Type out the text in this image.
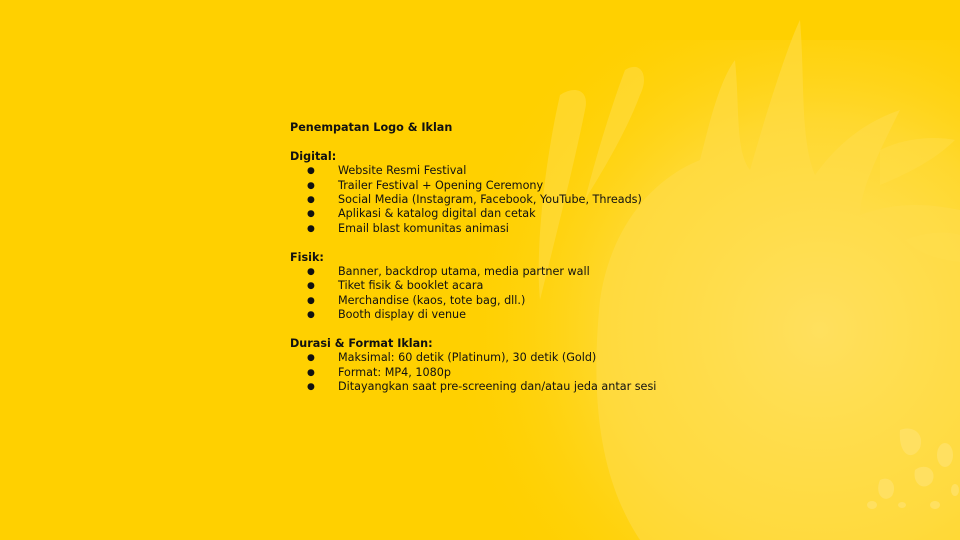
Penempatan Logo & Iklan

Digital:

● Website Resmi Festival
● Trailer Festival + Opening Ceremony
● Social Media (Instagram, Facebook, YouTube, Threads)
● Aplikasi & katalog digital dan cetak
● Email blast komunitas animasi

Fisik:

● Banner, backdrop utama, media partner wall
● Tiket fisik & booklet acara
● Merchandise (kaos, tote bag, dll.)
● Booth display di venue

Durasi & Format Iklan:

● Maksimal: 60 detik (Platinum), 30 detik (Gold)
● Format: MP4, 1080p
● Ditayangkan saat pre-screening dan/atau jeda antar sesi
